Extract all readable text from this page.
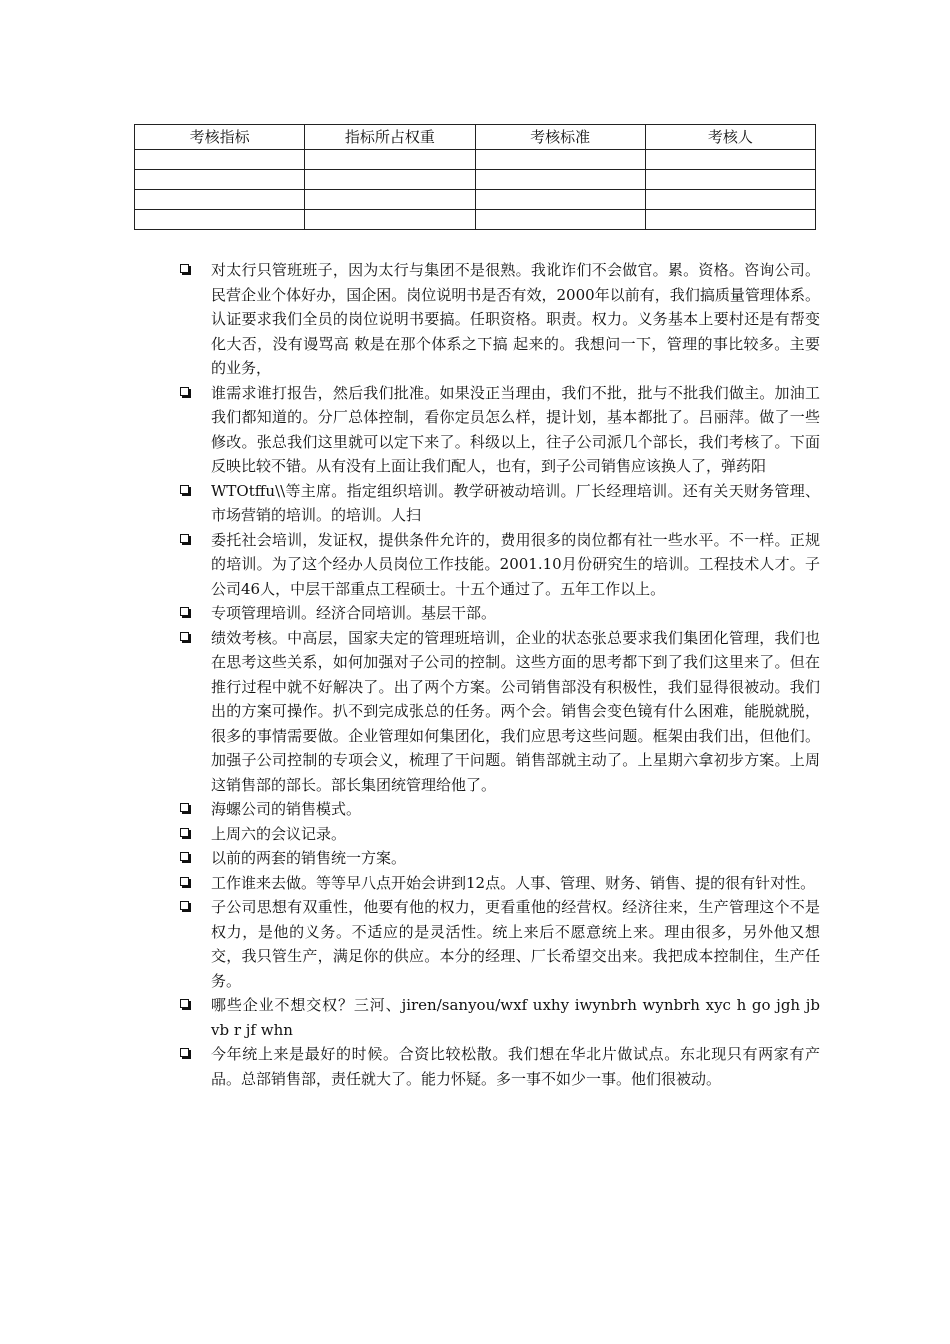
考核指标	指标所占权重	考核标准	考核人

对太行只管班班子，因为太行与集团不是很熟。我讹诈们不会做官。累。资格。咨询公司。民营企业个体好办，国企困。岗位说明书是否有效，2000年以前有，我们搞质量管理体系。认证要求我们全员的岗位说明书要搞。任职资格。职责。权力。义务基本上要村还是有帮变化大否，没有谩骂高 敕是在那个体系之下搞 起来的。我想问一下，管理的事比较多。主要的业务，
谁需求谁打报告，然后我们批准。如果没正当理由，我们不批，批与不批我们做主。加油工我们都知道的。分厂总体控制，看你定员怎么样，提计划，基本都批了。吕丽萍。做了一些修改。张总我们这里就可以定下来了。科级以上，往子公司派几个部长，我们考核了。下面反映比较不错。从有没有上面让我们配人，也有，到子公司销售应该换人了，弹药阳
WTOtffu\\等主席。指定组织培训。教学研被动培训。厂长经理培训。还有关天财务管理、市场营销的培训。的培训。人扫
委托社会培训，发证权，提供条件允许的，费用很多的岗位都有社一些水平。不一样。正规的培训。为了这个经办人员岗位工作技能。2001.10月份研究生的培训。工程技术人才。子公司46人，中层干部重点工程硕士。十五个通过了。五年工作以上。
专项管理培训。经济合同培训。基层干部。
绩效考核。中高层，国家夫定的管理班培训，企业的状态张总要求我们集团化管理，我们也在思考这些关系，如何加强对子公司的控制。这些方面的思考都下到了我们这里来了。但在推行过程中就不好解决了。出了两个方案。公司销售部没有积极性，我们显得很被动。我们出的方案可操作。扒不到完成张总的任务。两个会。销售会变色镜有什么困难，能脱就脱，很多的事情需要做。企业管理如何集团化，我们应思考这些问题。框架由我们出，但他们。加强子公司控制的专项会义，梳理了干问题。销售部就主动了。上星期六拿初步方案。上周这销售部的部长。部长集团统管理给他了。
海螺公司的销售模式。
上周六的会议记录。
以前的两套的销售统一方案。
工作谁来去做。等等早八点开始会讲到12点。人事、管理、财务、销售、提的很有针对性。
子公司思想有双重性，他要有他的权力，更看重他的经营权。经济往来，生产管理这个不是权力，是他的义务。不适应的是灵活性。统上来后不愿意统上来。理由很多，另外他又想交，我只管生产，满足你的供应。本分的经理、厂长希望交出来。我把成本控制住，生产任务。
哪些企业不想交权？三河、jiren/sanyou/wxf uxhy iwynbrh wynbrh xyc h go jgh jb vb r jf whn
今年统上来是最好的时候。合资比较松散。我们想在华北片做试点。东北现只有两家有产品。总部销售部，责任就大了。能力怀疑。多一事不如少一事。他们很被动。
